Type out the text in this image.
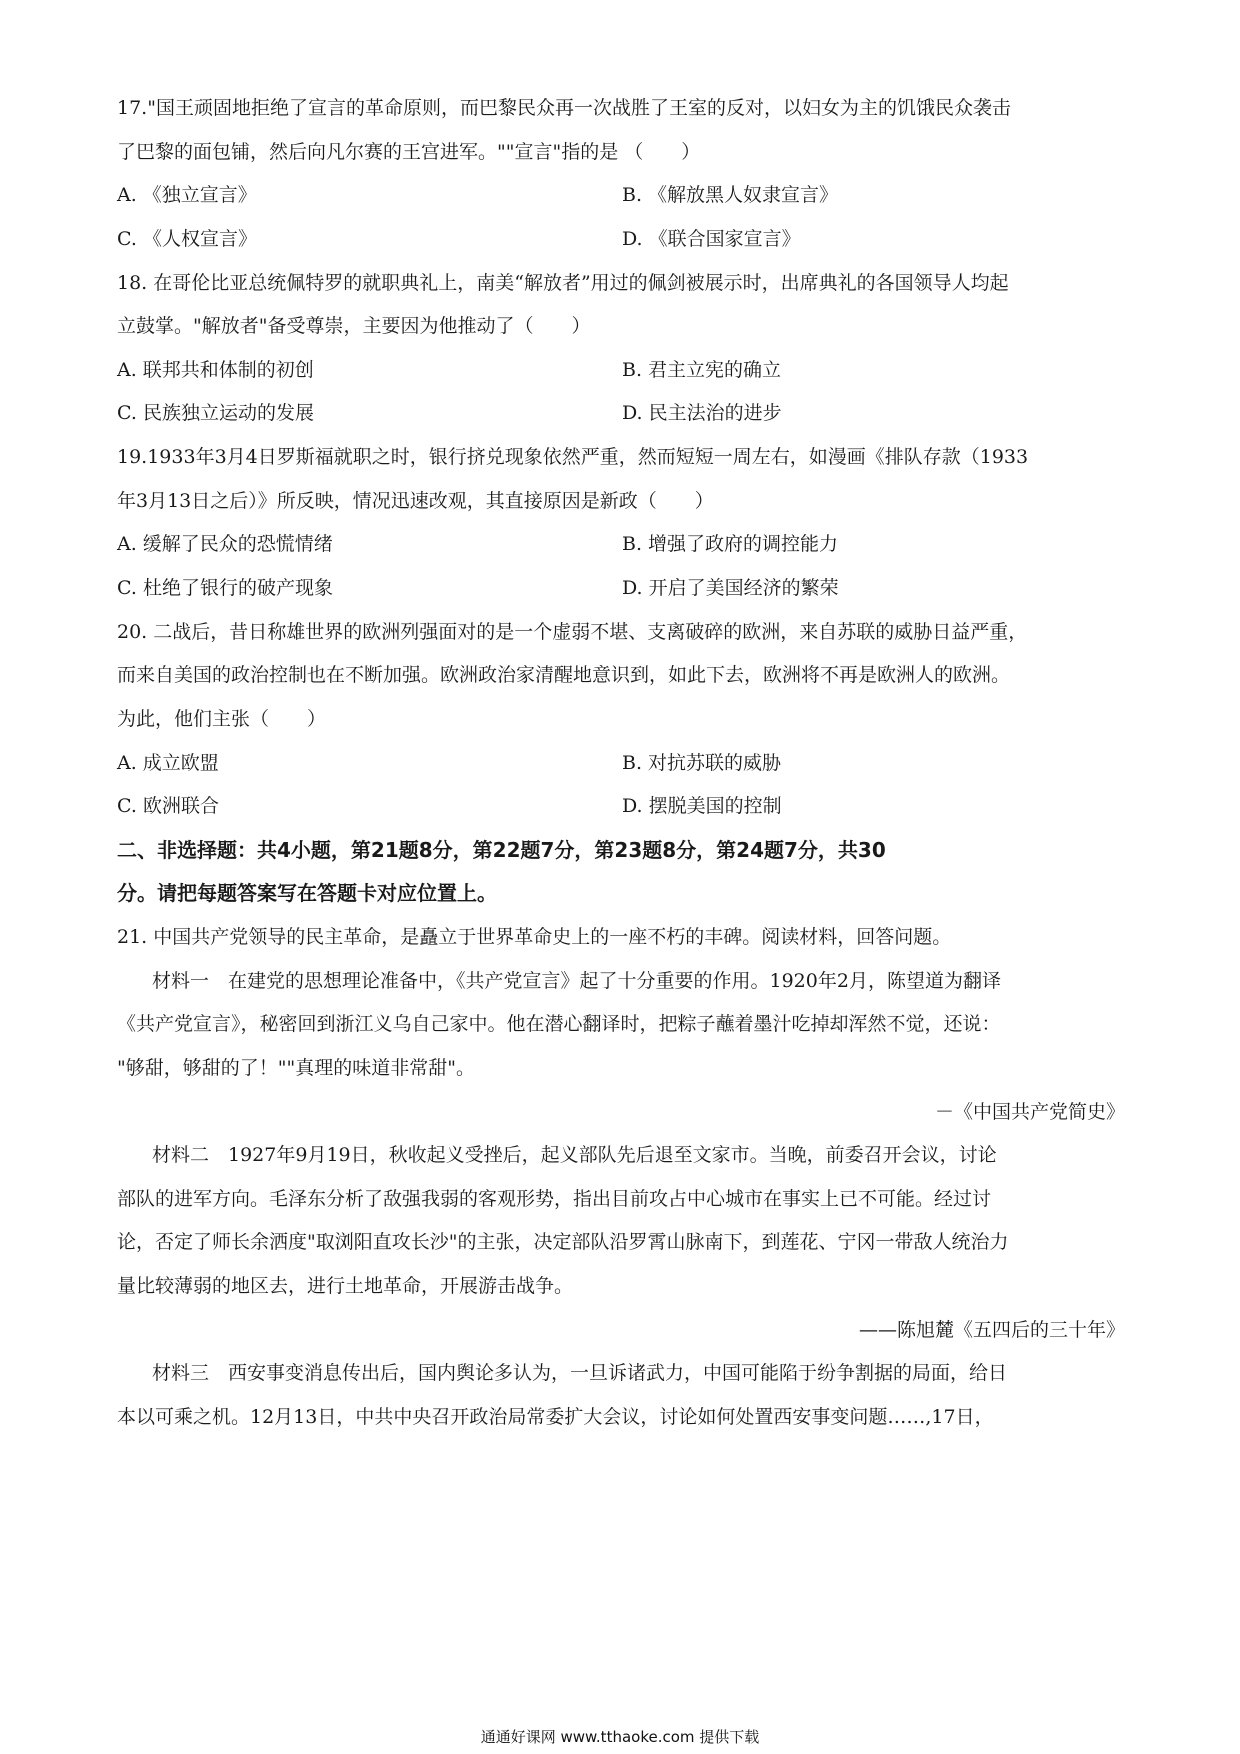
17."国王顽固地拒绝了宣言的革命原则，而巴黎民众再一次战胜了王室的反对，以妇女为主的饥饿民众袭击
了巴黎的面包铺，然后向凡尔赛的王宫进军。""宣言"指的是 （　　）
A. 《独立宣言》	B. 《解放黑人奴隶宣言》
C. 《人权宣言》	D. 《联合国家宣言》
18. 在哥伦比亚总统佩特罗的就职典礼上，南美“解放者”用过的佩剑被展示时，出席典礼的各国领导人均起
立鼓掌。"解放者"备受尊崇，主要因为他推动了（　　）
A. 联邦共和体制的初创	B. 君主立宪的确立
C. 民族独立运动的发展	D. 民主法治的进步
19.1933年3月4日罗斯福就职之时，银行挤兑现象依然严重，然而短短一周左右，如漫画《排队存款（1933
年3月13日之后）》所反映，情况迅速改观，其直接原因是新政（　　）
A. 缓解了民众的恐慌情绪	B. 增强了政府的调控能力
C. 杜绝了银行的破产现象	D. 开启了美国经济的繁荣
20. 二战后，昔日称雄世界的欧洲列强面对的是一个虚弱不堪、支离破碎的欧洲，来自苏联的威胁日益严重，
而来自美国的政治控制也在不断加强。欧洲政治家清醒地意识到，如此下去，欧洲将不再是欧洲人的欧洲。
为此，他们主张（　　）
A. 成立欧盟	B. 对抗苏联的威胁
C. 欧洲联合	D. 摆脱美国的控制
二、非选择题：共4小题，第21题8分，第22题7分，第23题8分，第24题7分，共30
分。请把每题答案写在答题卡对应位置上。
21. 中国共产党领导的民主革命，是矗立于世界革命史上的一座不朽的丰碑。阅读材料，回答问题。
材料一　在建党的思想理论准备中，《共产党宣言》起了十分重要的作用。1920年2月，陈望道为翻译
《共产党宣言》，秘密回到浙江义乌自己家中。他在潜心翻译时，把粽子蘸着墨汁吃掉却浑然不觉，还说：
"够甜，够甜的了！""真理的味道非常甜"。
－《中国共产党简史》
材料二　1927年9月19日，秋收起义受挫后，起义部队先后退至文家市。当晚，前委召开会议，讨论
部队的进军方向。毛泽东分析了敌强我弱的客观形势，指出目前攻占中心城市在事实上已不可能。经过讨
论，否定了师长余洒度"取浏阳直攻长沙"的主张，决定部队沿罗霄山脉南下，到莲花、宁冈一带敌人统治力
量比较薄弱的地区去，进行土地革命，开展游击战争。
——陈旭麓《五四后的三十年》
材料三　西安事变消息传出后，国内舆论多认为，一旦诉诸武力，中国可能陷于纷争割据的局面，给日
本以可乘之机。12月13日，中共中央召开政治局常委扩大会议，讨论如何处置西安事变问题……,17日，
通通好课网 www.tthaoke.com 提供下载
